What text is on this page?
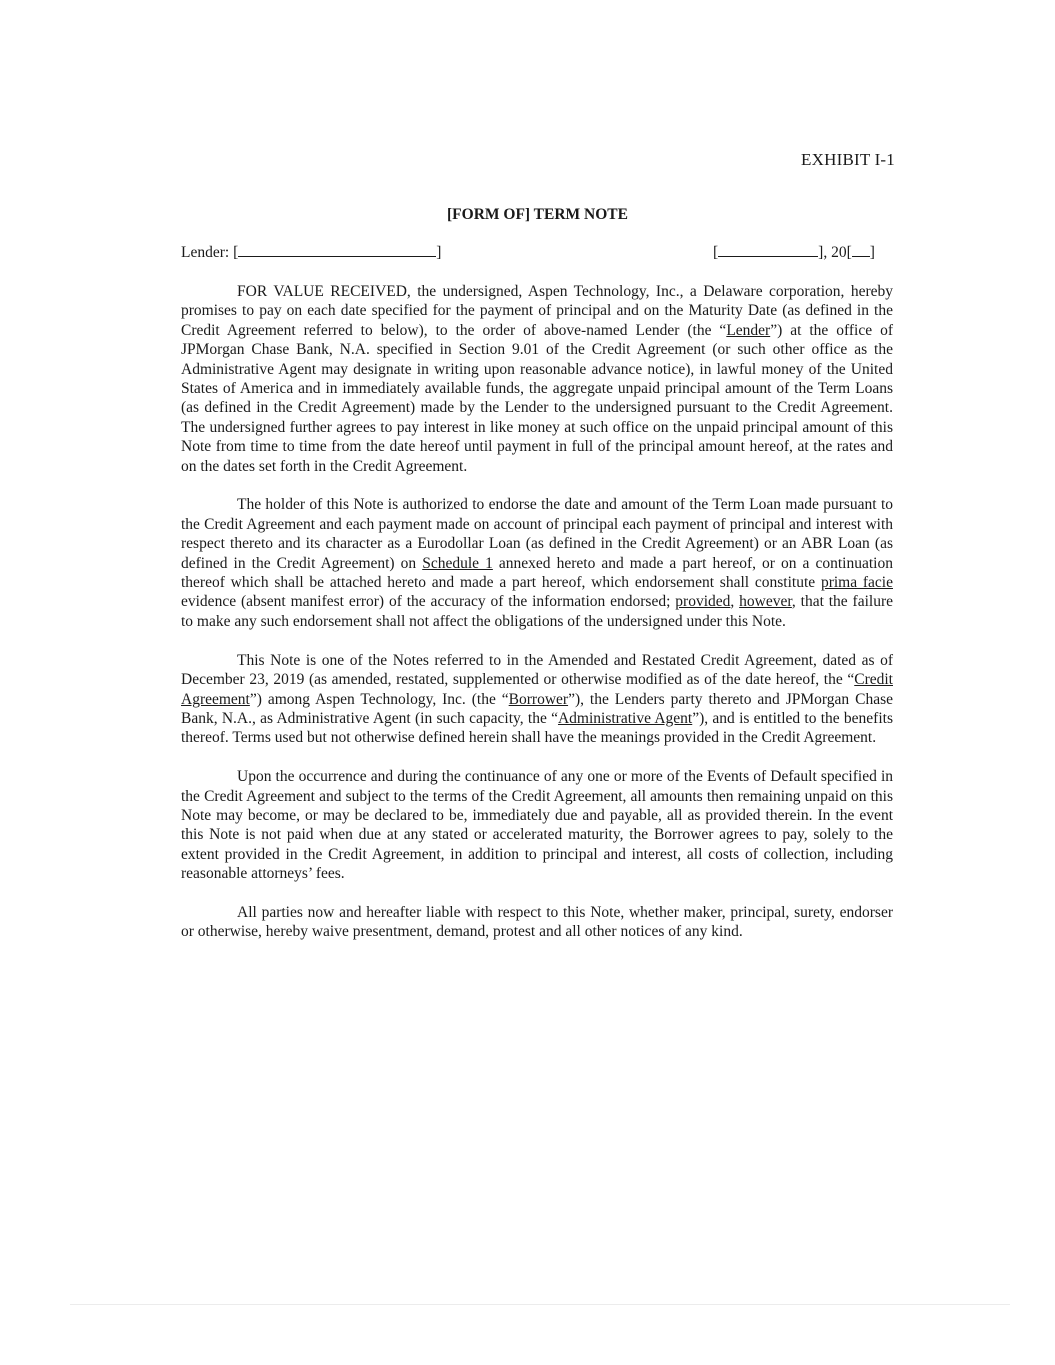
EXHIBIT I-1
[FORM OF] TERM NOTE
Lender: [	]	[	], 20[ ]

FOR VALUE RECEIVED, the undersigned, Aspen Technology, Inc., a Delaware corporation, hereby promises to pay on each date specified for the payment of principal and on the Maturity Date (as defined in the Credit Agreement referred to below), to the order of above-named Lender (the “Lender”) at the office of JPMorgan Chase Bank, N.A. specified in Section 9.01 of the Credit Agreement (or such other office as the Administrative Agent may designate in writing upon reasonable advance notice), in lawful money of the United States of America and in immediately available funds, the aggregate unpaid principal amount of the Term Loans (as defined in the Credit Agreement) made by the Lender to the undersigned pursuant to the Credit Agreement. The undersigned further agrees to pay interest in like money at such office on the unpaid principal amount of this Note from time to time from the date hereof until payment in full of the principal amount hereof, at the rates and on the dates set forth in the Credit Agreement.

The holder of this Note is authorized to endorse the date and amount of the Term Loan made pursuant to the Credit Agreement and each payment made on account of principal each payment of principal and interest with respect thereto and its character as a Eurodollar Loan (as defined in the Credit Agreement) or an ABR Loan (as defined in the Credit Agreement) on Schedule 1 annexed hereto and made a part hereof, or on a continuation thereof which shall be attached hereto and made a part hereof, which endorsement shall constitute prima facie evidence (absent manifest error) of the accuracy of the information endorsed; provided, however, that the failure to make any such endorsement shall not affect the obligations of the undersigned under this Note.

This Note is one of the Notes referred to in the Amended and Restated Credit Agreement, dated as of December 23, 2019 (as amended, restated, supplemented or otherwise modified as of the date hereof, the “Credit Agreement”) among Aspen Technology, Inc. (the “Borrower”), the Lenders party thereto and JPMorgan Chase Bank, N.A., as Administrative Agent (in such capacity, the “Administrative Agent”), and is entitled to the benefits thereof. Terms used but not otherwise defined herein shall have the meanings provided in the Credit Agreement.

Upon the occurrence and during the continuance of any one or more of the Events of Default specified in the Credit Agreement and subject to the terms of the Credit Agreement, all amounts then remaining unpaid on this Note may become, or may be declared to be, immediately due and payable, all as provided therein. In the event this Note is not paid when due at any stated or accelerated maturity, the Borrower agrees to pay, solely to the extent provided in the Credit Agreement, in addition to principal and interest, all costs of collection, including reasonable attorneys’ fees.

All parties now and hereafter liable with respect to this Note, whether maker, principal, surety, endorser or otherwise, hereby waive presentment, demand, protest and all other notices of any kind.
